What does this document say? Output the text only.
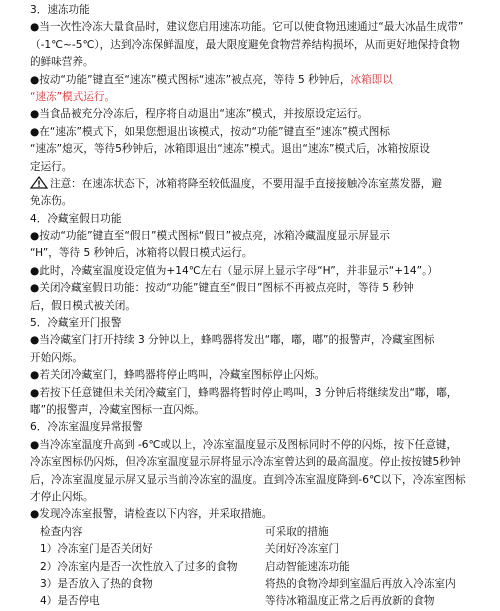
3．速冻功能
●当一次性冷冻大量食品时，建议您启用速冻功能。它可以使食物迅速通过“最大冰晶生成带”
（-1℃~-5℃），达到冷冻保鲜温度，最大限度避免食物营养结构损坏，从而更好地保持食物
的鲜味营养。
●按动“功能”键直至“速冻”模式图标“速冻”被点亮，等待 5 秒钟后，冰箱即以
“速冻”模式运行。
●当食品被充分冷冻后，程序将自动退出“速冻”模式，并按原设定运行。
●在“速冻”模式下，如果您想退出该模式，按动“功能”键直至“速冻”模式图标
“速冻”熄灭，等待5秒钟后，冰箱即退出“速冻”模式。退出“速冻”模式后，冰箱按原设
定运行。
注意：在速冻状态下，冰箱将降至较低温度，不要用湿手直接接触冷冻室蒸发器，避
免冻伤。
4．冷藏室假日功能
●按动“功能”键直至“假日”模式图标“假日”被点亮，冰箱冷藏温度显示屏显示
“H”，等待 5 秒钟后，冰箱将以假日模式运行。
●此时，冷藏室温度设定值为+14℃左右（显示屏上显示字母“H”，并非显示“+14”。）
●关闭冷藏室假日功能：按动“功能”键直至“假日”图标不再被点亮时，等待 5 秒钟
后，假日模式被关闭。
5．冷藏室开门报警
●当冷藏室门打开持续 3 分钟以上，蜂鸣器将发出“嘟，嘟，嘟”的报警声，冷藏室图标
开始闪烁。
●若关闭冷藏室门，蜂鸣器将停止鸣叫，冷藏室图标停止闪烁。
●若按下任意键但未关闭冷藏室门，蜂鸣器将暂时停止鸣叫，3 分钟后将继续发出“嘟，嘟，
嘟”的报警声，冷藏室图标一直闪烁。
6．冷冻室温度异常报警
●当冷冻室温度升高到 -6℃或以上，冷冻室温度显示及图标同时不停的闪烁，按下任意键，
冷冻室图标仍闪烁，但冷冻室温度显示屏将显示冷冻室曾达到的最高温度。停止按按键5秒钟
后，冷冻室温度显示屏又显示当前冷冻室的温度。直到冷冻室温度降到-6℃以下，冷冻室图标
才停止闪烁。
●发现冷冻室报警，请检查以下内容，并采取措施。
检查内容	可采取的措施
1）冷冻室门是否关闭好	关闭好冷冻室门
2）冷冻室内是否一次性放入了过多的食物	启动智能速冻功能
3）是否放入了热的食物	将热的食物冷却到室温后再放入冷冻室内
4）是否停电	等待冰箱温度正常之后再放新的食物
